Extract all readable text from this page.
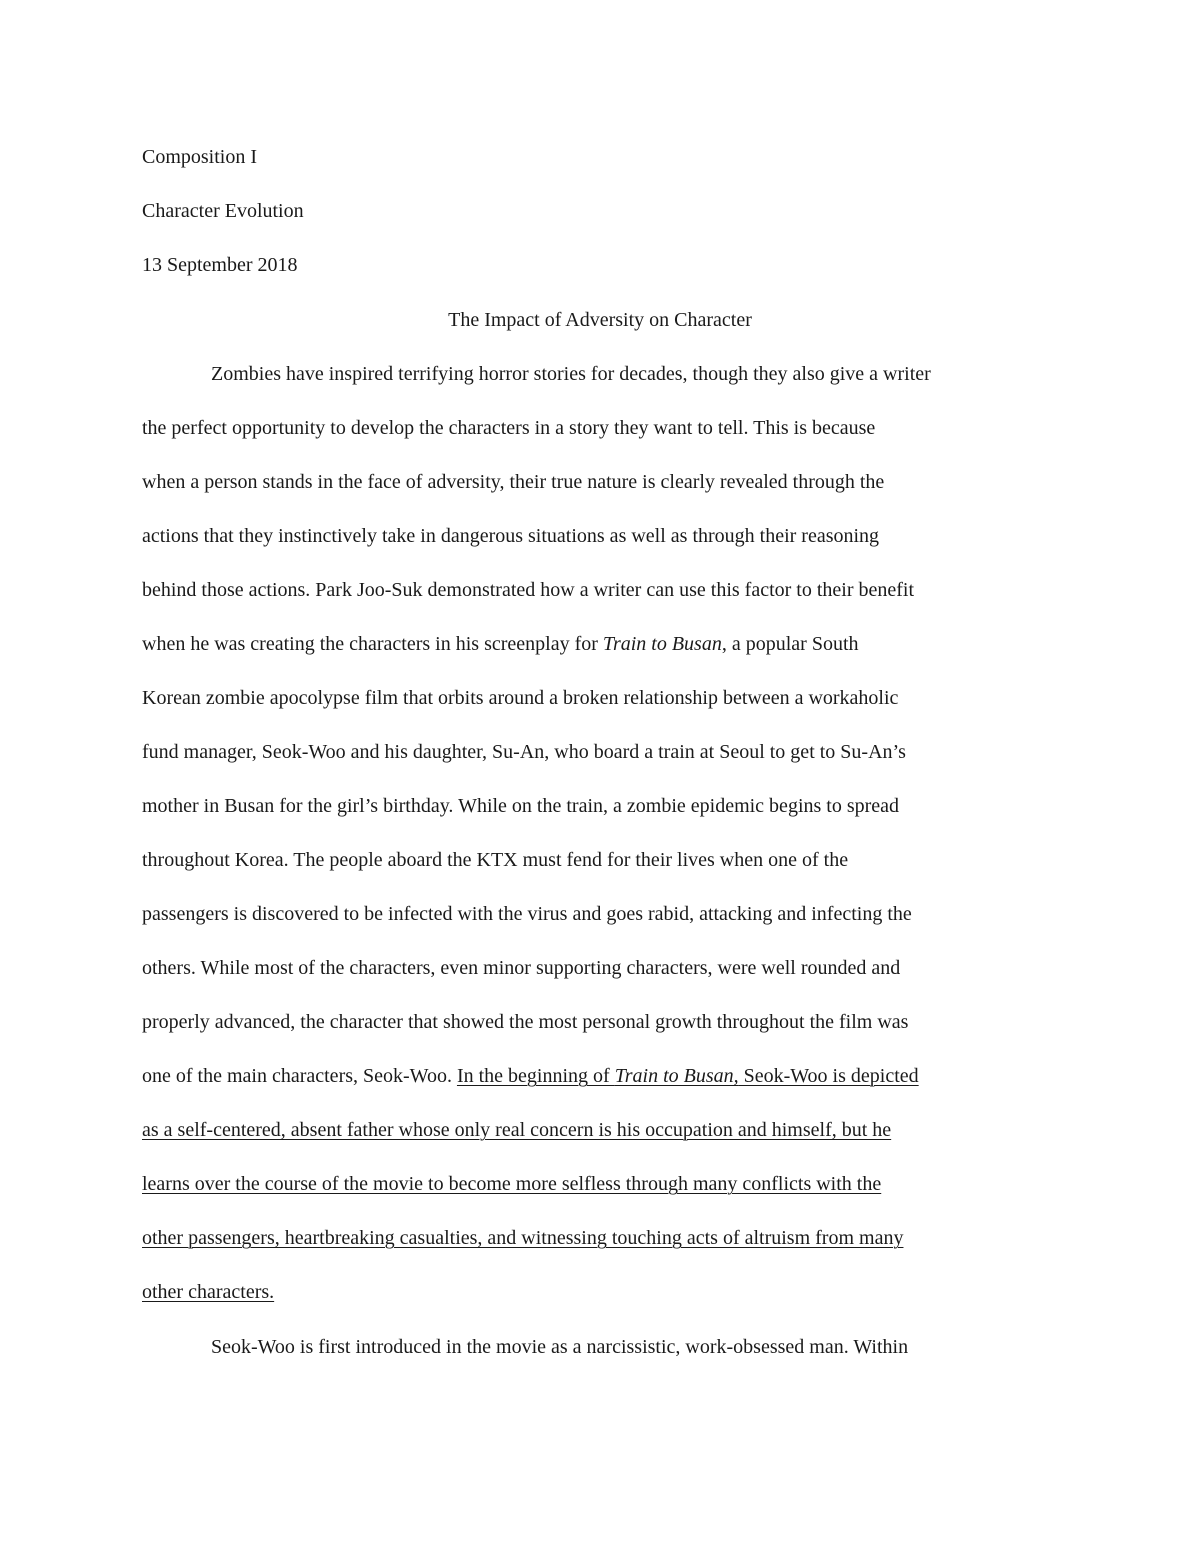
Composition I
Character Evolution
13 September 2018
The Impact of Adversity on Character
Zombies have inspired terrifying horror stories for decades, though they also give a writer
the perfect opportunity to develop the characters in a story they want to tell. This is because
when a person stands in the face of adversity, their true nature is clearly revealed through the
actions that they instinctively take in dangerous situations as well as through their reasoning
behind those actions. Park Joo-Suk demonstrated how a writer can use this factor to their benefit
when he was creating the characters in his screenplay for Train to Busan, a popular South
Korean zombie apocolypse film that orbits around a broken relationship between a workaholic
fund manager, Seok-Woo and his daughter, Su-An, who board a train at Seoul to get to Su-An’s
mother in Busan for the girl’s birthday. While on the train, a zombie epidemic begins to spread
throughout Korea. The people aboard the KTX must fend for their lives when one of the
passengers is discovered to be infected with the virus and goes rabid, attacking and infecting the
others. While most of the characters, even minor supporting characters, were well rounded and
properly advanced, the character that showed the most personal growth throughout the film was
one of the main characters, Seok-Woo. In the beginning of Train to Busan, Seok-Woo is depicted
as a self-centered, absent father whose only real concern is his occupation and himself, but he
learns over the course of the movie to become more selfless through many conflicts with the
other passengers, heartbreaking casualties, and witnessing touching acts of altruism from many
other characters.
Seok-Woo is first introduced in the movie as a narcissistic, work-obsessed man. Within
